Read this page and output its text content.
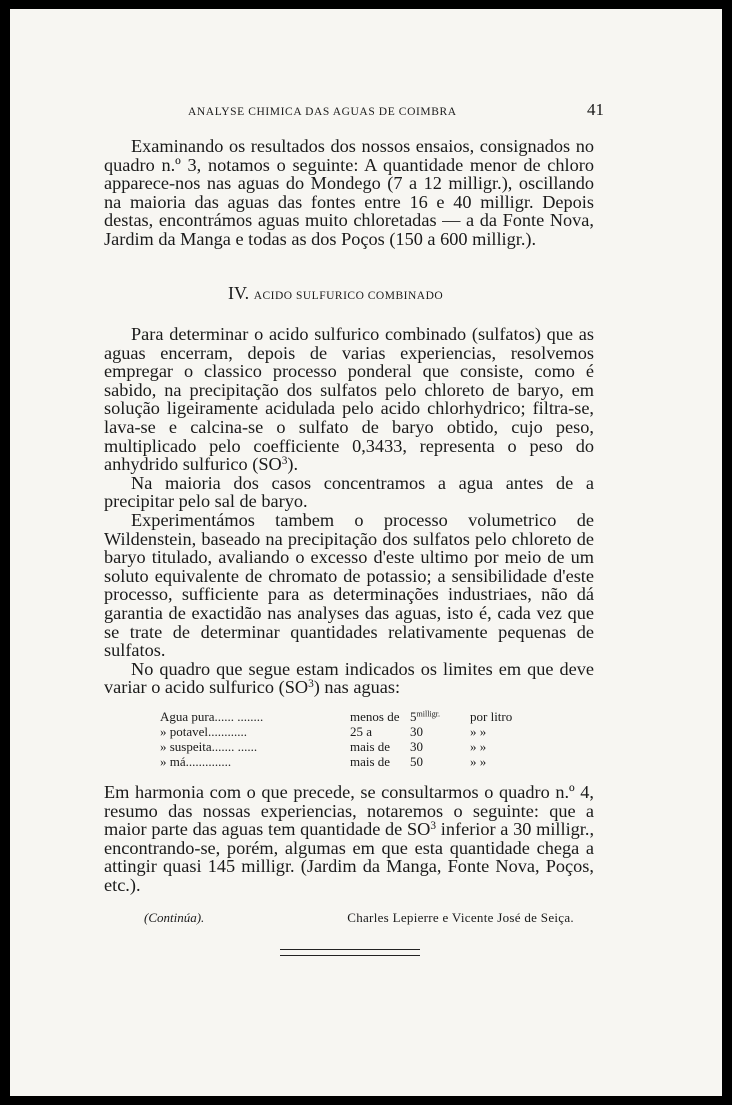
ANALYSE CHIMICA DAS AGUAS DE COIMBRA	41

Examinando os resultados dos nossos ensaios, consignados no quadro n.º 3, notamos o seguinte: A quantidade menor de chloro apparece-nos nas aguas do Mondego (7 a 12 milligr.), oscillando na maioria das aguas das fontes entre 16 e 40 milligr. Depois destas, encontrámos aguas muito chloretadas — a da Fonte Nova, Jardim da Manga e todas as dos Poços (150 a 600 milligr.).

IV. ACIDO SULFURICO COMBINADO

Para determinar o acido sulfurico combinado (sulfatos) que as aguas encerram, depois de varias experiencias, resolvemos empregar o classico processo ponderal que consiste, como é sabido, na precipitação dos sulfatos pelo chloreto de baryo, em solução ligeiramente acidulada pelo acido chlorhydrico; filtra-se, lava-se e calcina-se o sulfato de baryo obtido, cujo peso, multiplicado pelo coefficiente 0,3433, representa o peso do anhydrido sulfurico $(SO^3)$.

Na maioria dos casos concentramos a agua antes de a precipitar pelo sal de baryo.

Experimentámos tambem o processo volumetrico de Wildenstein, baseado na precipitação dos sulfatos pelo chloreto de baryo titulado, avaliando o excesso d'este ultimo por meio de um soluto equivalente de chromato de potassio; a sensibilidade d'este processo, sufficiente para as determinações industriaes, não dá garantia de exactidão nas analyses das aguas, isto é, cada vez que se trate de determinar quantidades relativamente pequenas de sulfatos.

No quadro que segue estam indicados os limites em que deve variar o acido sulfurico $(SO^3)$ nas aguas:

Agua pura...... ........	menos de	$5^{milligr.}$	por litro
» potavel............	25 a	30	» »
» suspeita....... ......	mais de	30	» »
» má..............	mais de	50	» »

Em harmonia com o que precede, se consultarmos o quadro n.º 4, resumo das nossas experiencias, notaremos o seguinte: que a maior parte das aguas tem quantidade de $SO^3$ inferior a 30 milligr., encontrando-se, porém, algumas em que esta quantidade chega a attingir quasi 145 milligr. (Jardim da Manga, Fonte Nova, Poços, etc.).

(Continúa).	Charles Lepierre e Vicente José de Seiça.
